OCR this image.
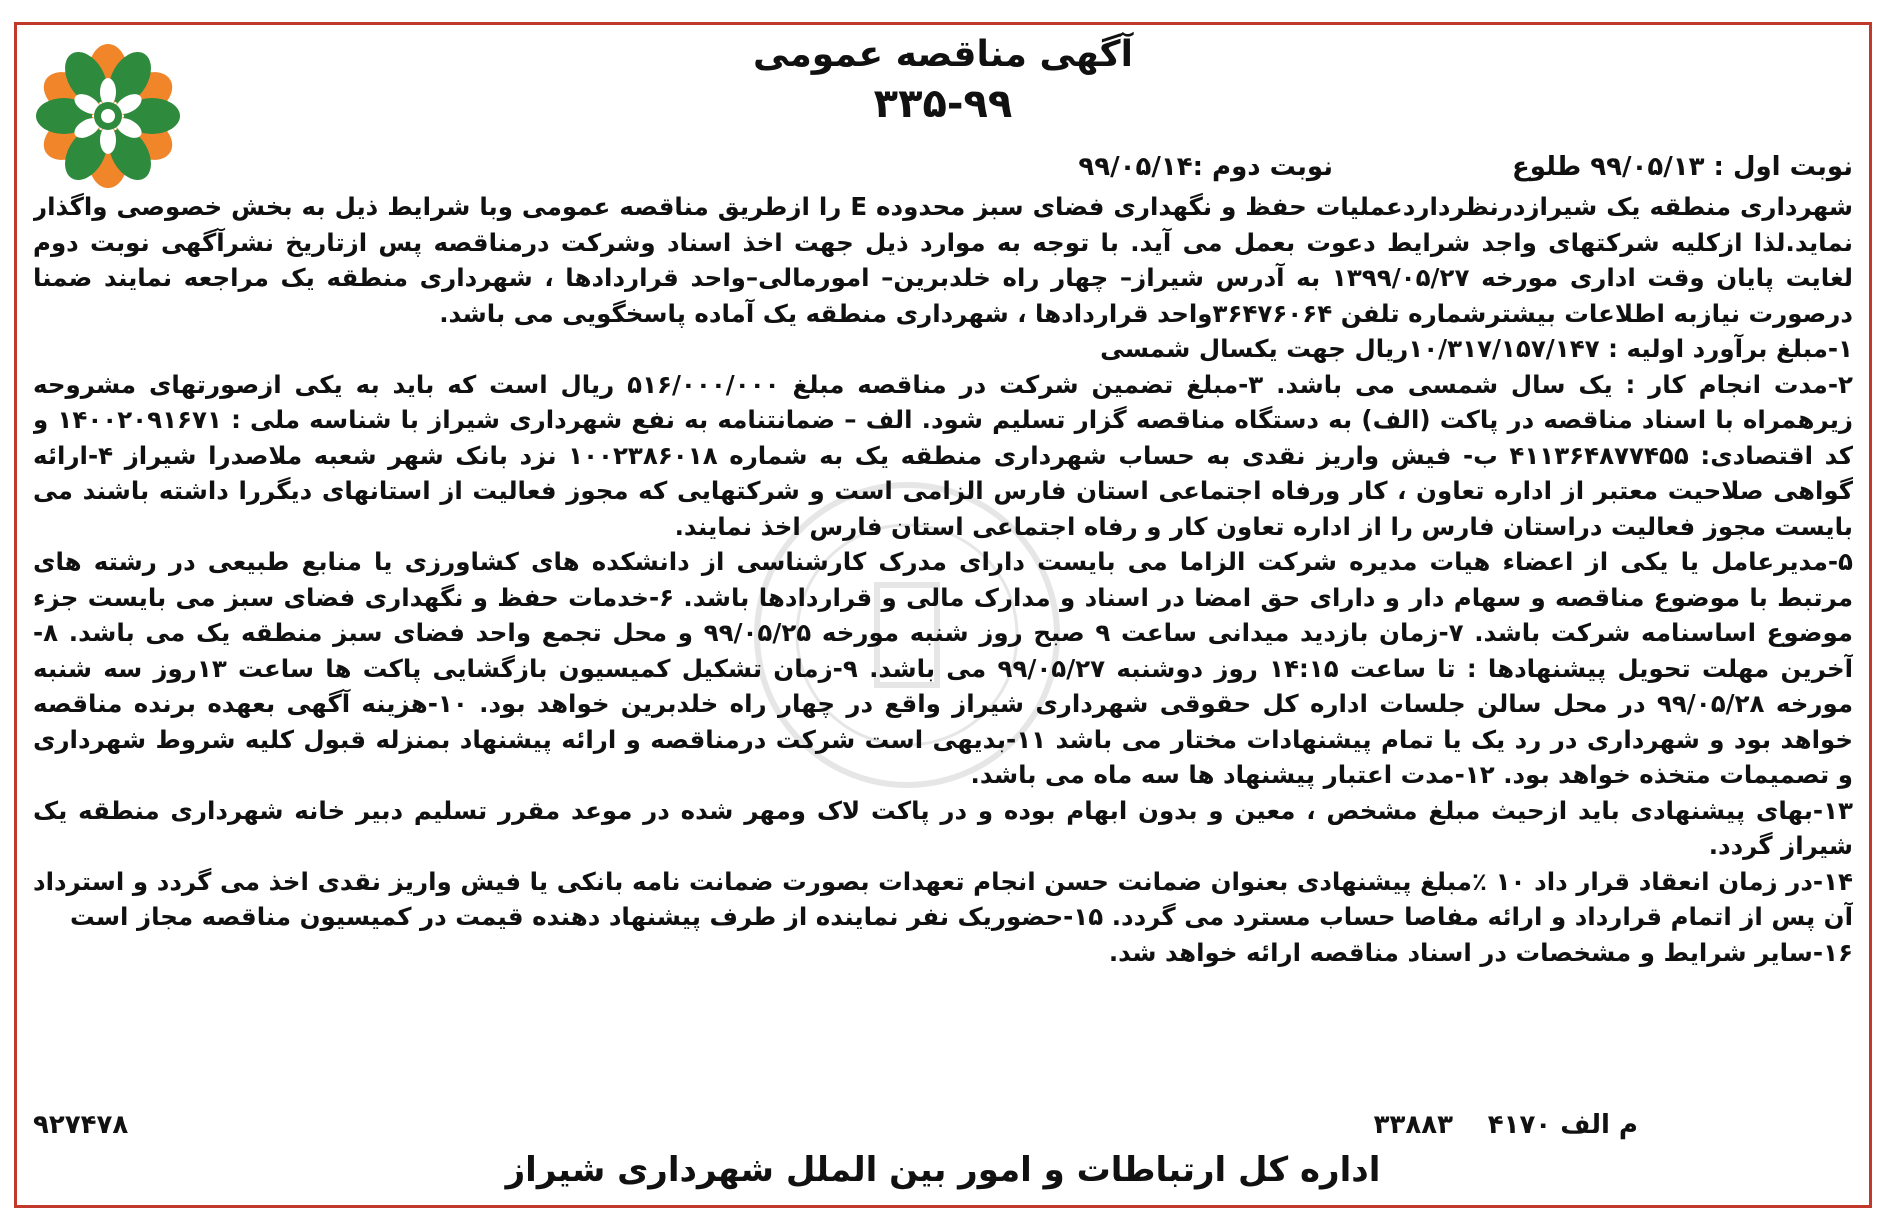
آگهی مناقصه عمومی
۳۳۵-۹۹
نوبت اول : ۹۹/۰۵/۱۳ طلوع
نوبت دوم :۹۹/۰۵/۱۴

شهرداری منطقه یک شیرازدرنظرداردعملیات حفظ و نگهداری فضای سبز محدوده E را ازطریق مناقصه عمومی وبا شرایط ذیل به بخش خصوصی واگذار نماید.لذا ازکلیه شرکتهای واجد شرایط دعوت بعمل می آید. با توجه به موارد ذیل جهت اخذ اسناد وشرکت درمناقصه پس ازتاریخ نشرآگهی نوبت دوم لغایت پایان وقت اداری مورخه ۱۳۹۹/۰۵/۲۷ به آدرس شیراز– چهار راه خلدبرین– امورمالی–واحد قراردادها ، شهرداری منطقه یک مراجعه نمایند ضمنا درصورت نیازبه اطلاعات بیشترشماره تلفن ۳۶۴۷۶۰۶۴واحد قراردادها ، شهرداری منطقه یک آماده پاسخگویی می باشد.

۱-مبلغ برآورد اولیه : ۱۰/۳۱۷/۱۵۷/۱۴۷ریال جهت یکسال شمسی

۲-مدت انجام کار : یک سال شمسی می باشد. ۳-مبلغ تضمین شرکت در مناقصه مبلغ ۵۱۶/۰۰۰/۰۰۰ ریال است که باید به یکی ازصورتهای مشروحه زیرهمراه با اسناد مناقصه در پاکت (الف) به دستگاه مناقصه گزار تسلیم شود. الف – ضمانتنامه به نفع شهرداری شیراز با شناسه ملی : ۱۴۰۰۲۰۹۱۶۷۱ و کد اقتصادی: ۴۱۱۳۶۴۸۷۷۴۵۵ ب- فیش واریز نقدی به حساب شهرداری منطقه یک به شماره ۱۰۰۲۳۸۶۰۱۸ نزد بانک شهر شعبه ملاصدرا شیراز ۴-ارائه گواهی صلاحیت معتبر از اداره تعاون ، کار ورفاه اجتماعی استان فارس الزامی است و شرکتهایی که مجوز فعالیت از استانهای دیگررا داشته باشند می بایست مجوز فعالیت دراستان فارس را از اداره تعاون کار و رفاه اجتماعی استان فارس اخذ نمایند.

۵-مدیرعامل یا یکی از اعضاء هیات مدیره شرکت الزاما می بایست دارای مدرک کارشناسی از دانشکده های کشاورزی یا منابع طبیعی در رشته های مرتبط با موضوع مناقصه و سهام دار و دارای حق امضا در اسناد و مدارک مالی و قراردادها باشد. ۶-خدمات حفظ و نگهداری فضای سبز می بایست جزء موضوع اساسنامه شرکت باشد. ۷-زمان بازدید میدانی ساعت ۹ صبح روز شنبه مورخه ۹۹/۰۵/۲۵ و محل تجمع واحد فضای سبز منطقه یک می باشد. ۸-آخرین مهلت تحویل پیشنهادها : تا ساعت ۱۴:۱۵ روز دوشنبه ۹۹/۰۵/۲۷ می باشد. ۹-زمان تشکیل کمیسیون بازگشایی پاکت ها ساعت ۱۳روز سه شنبه مورخه ۹۹/۰۵/۲۸ در محل سالن جلسات اداره کل حقوقی شهرداری شیراز واقع در چهار راه خلدبرین خواهد بود. ۱۰-هزینه آگهی بعهده برنده مناقصه خواهد بود و شهرداری در رد یک یا تمام پیشنهادات مختار می باشد ۱۱-بدیهی است شرکت درمناقصه و ارائه پیشنهاد بمنزله قبول کلیه شروط شهرداری و تصمیمات متخذه خواهد بود. ۱۲-مدت اعتبار پیشنهاد ها سه ماه می باشد.

۱۳-بهای پیشنهادی باید ازحیث مبلغ مشخص ، معین و بدون ابهام بوده و در پاکت لاک ومهر شده در موعد مقرر تسلیم دبیر خانه شهرداری منطقه یک شیراز گردد.

۱۴-در زمان انعقاد قرار داد ۱۰ ٪مبلغ پیشنهادی بعنوان ضمانت حسن انجام تعهدات بصورت ضمانت نامه بانکی یا فیش واریز نقدی اخذ می گردد و استرداد آن پس از اتمام قرارداد و ارائه مفاصا حساب مسترد می گردد. ۱۵-حضوریک نفر نماینده از طرف پیشنهاد دهنده قیمت در کمیسیون مناقصه مجاز است

۱۶-سایر شرایط و مشخصات در اسناد مناقصه ارائه خواهد شد.

۹۲۷۴۷۸	۳۳۸۸۳ م الف ۴۱۷۰
اداره کل ارتباطات و امور بین الملل شهرداری شیراز
